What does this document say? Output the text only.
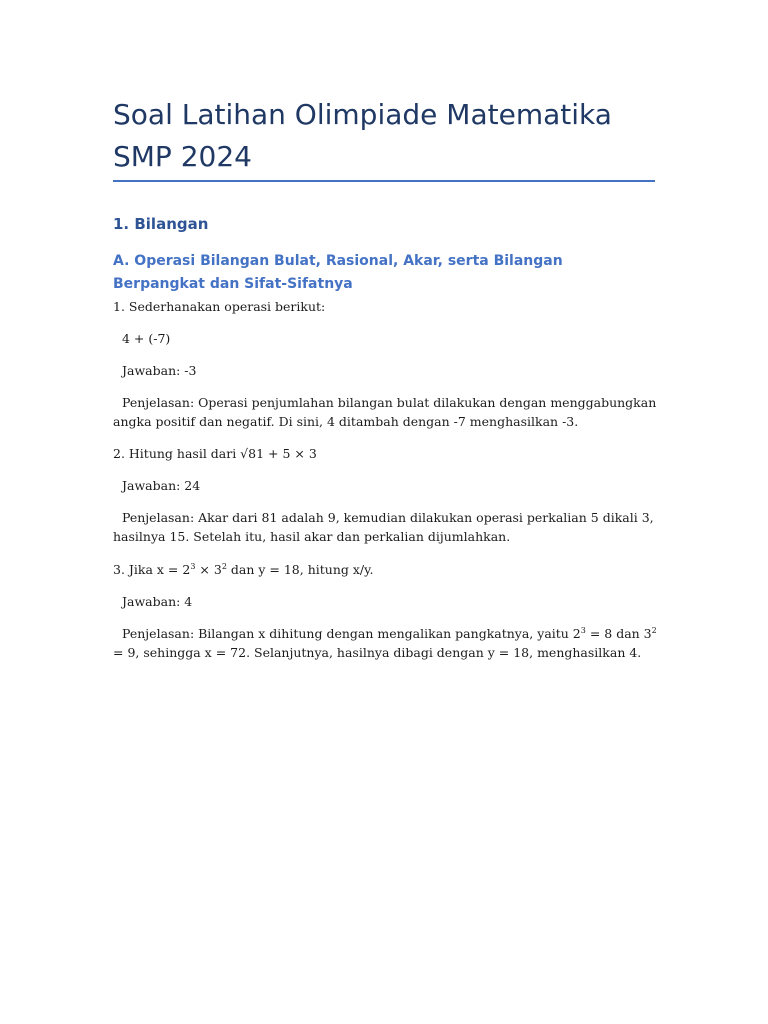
Soal Latihan Olimpiade Matematika SMP 2024
1. Bilangan
A. Operasi Bilangan Bulat, Rasional, Akar, serta Bilangan Berpangkat dan Sifat-Sifatnya

1. Sederhanakan operasi berikut:

4 + (-7)

Jawaban: -3

Penjelasan: Operasi penjumlahan bilangan bulat dilakukan dengan menggabungkan angka positif dan negatif. Di sini, 4 ditambah dengan -7 menghasilkan -3.

2. Hitung hasil dari √81 + 5 × 3

Jawaban: 24

Penjelasan: Akar dari 81 adalah 9, kemudian dilakukan operasi perkalian 5 dikali 3, hasilnya 15. Setelah itu, hasil akar dan perkalian dijumlahkan.

3. Jika $x = 2^3 \times 3^2$ dan y = 18, hitung x/y.

Jawaban: 4

Penjelasan: Bilangan x dihitung dengan mengalikan pangkatnya, yaitu $2^3 = 8$ dan $3^2 = 9$, sehingga x = 72. Selanjutnya, hasilnya dibagi dengan y = 18, menghasilkan 4.
